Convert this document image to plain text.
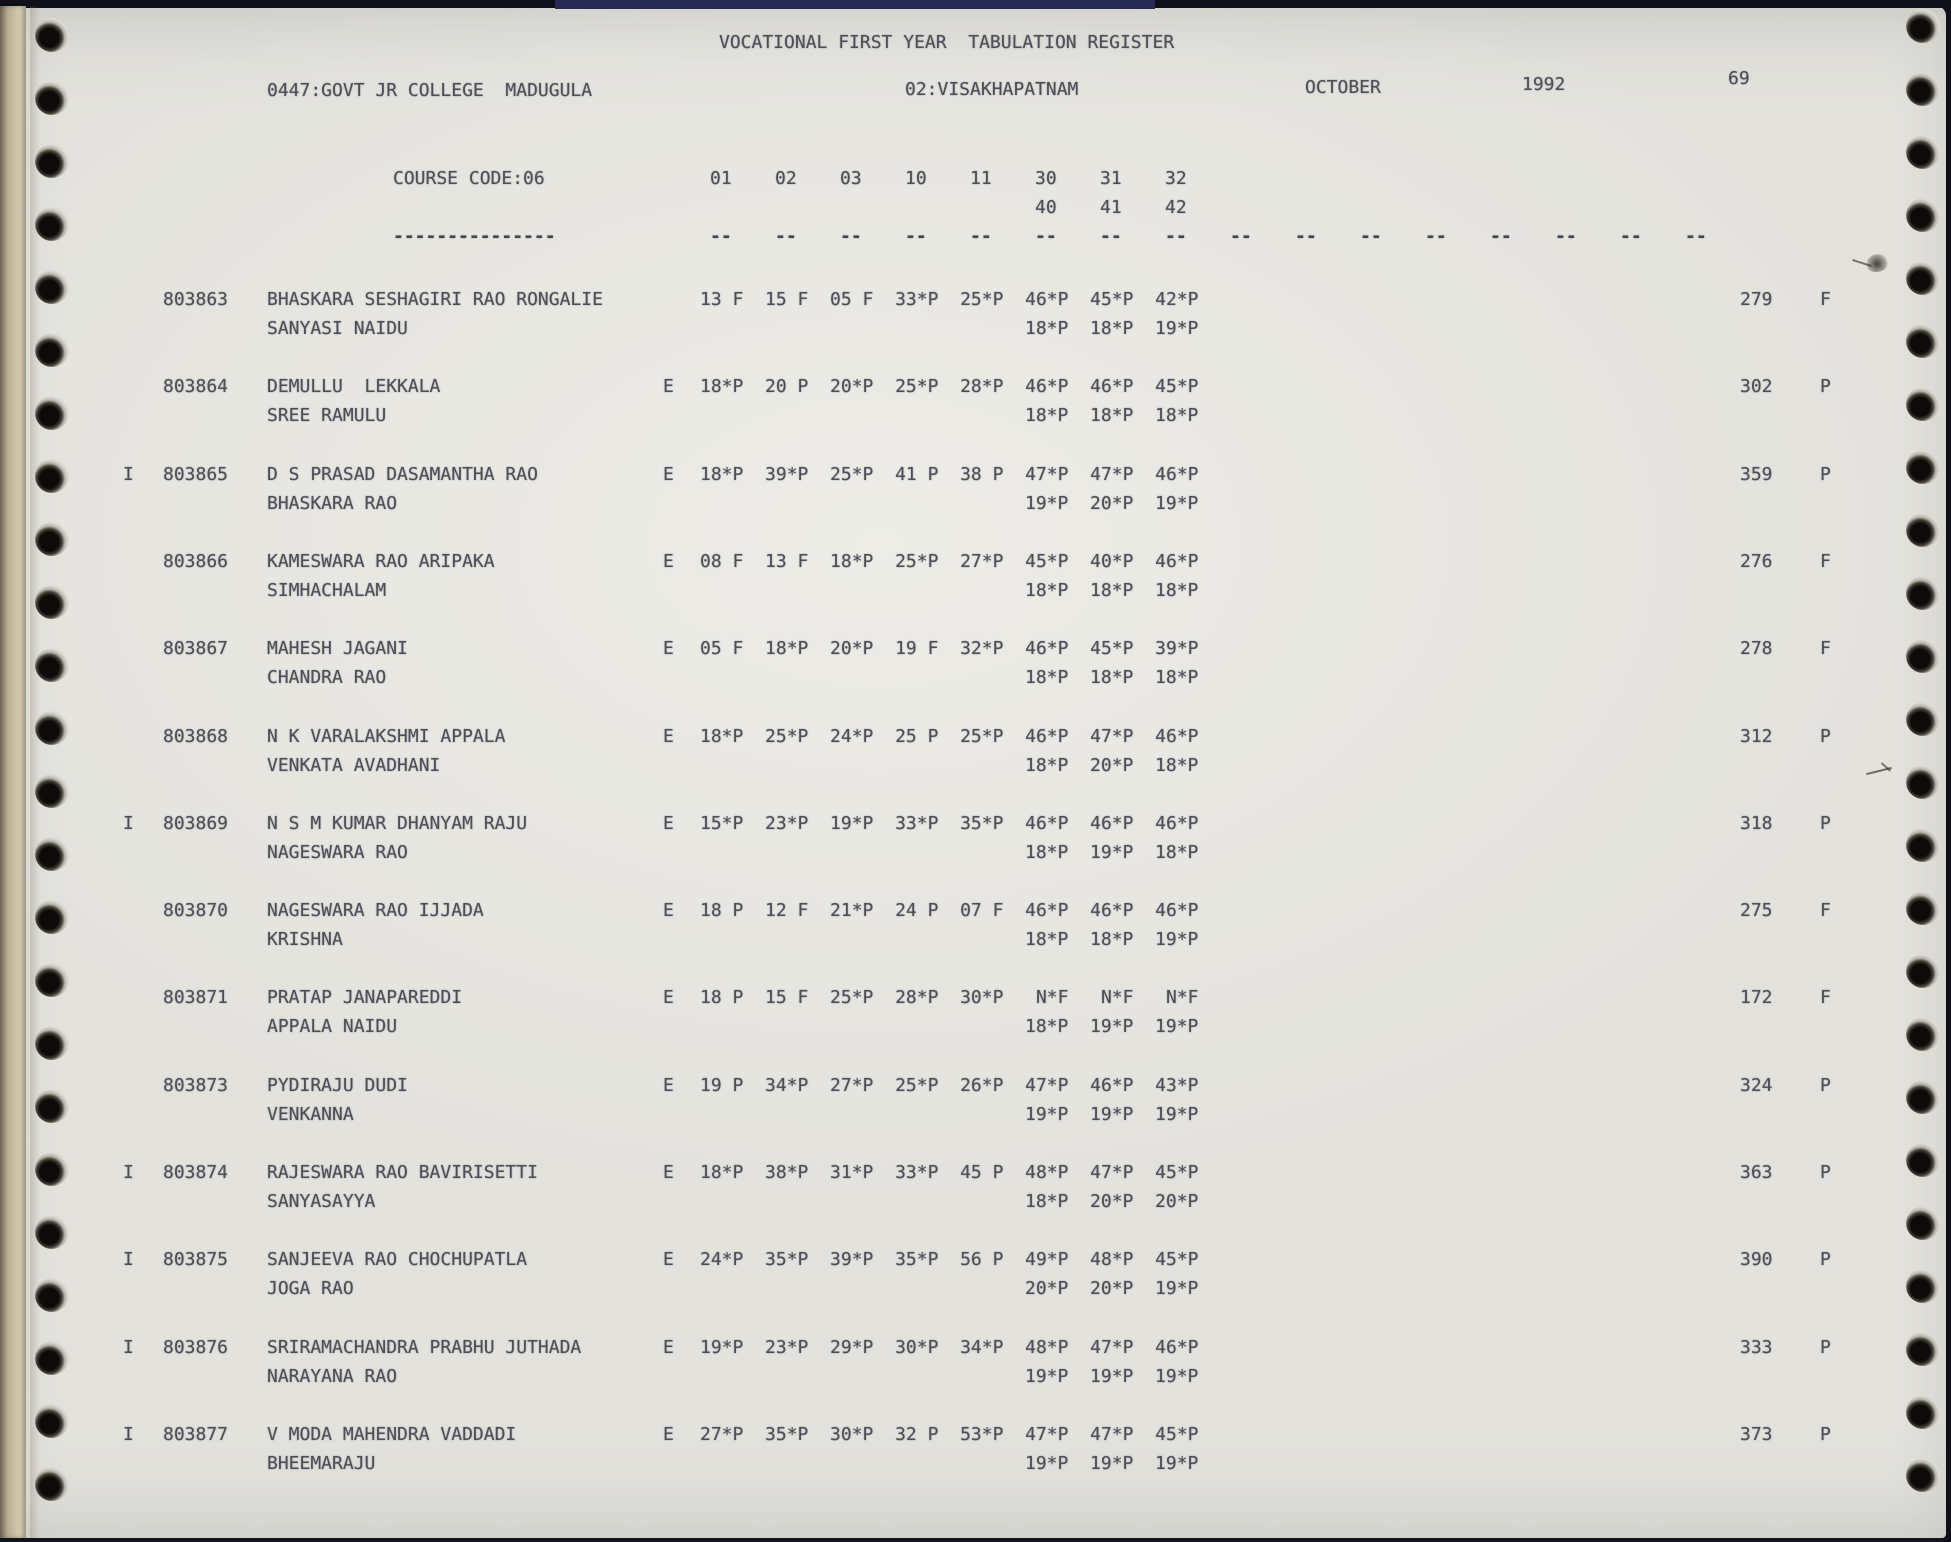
VOCATIONAL FIRST YEAR  TABULATION REGISTER
0447:GOVT JR COLLEGE  MADUGULA	02:VISAKHAPATNAM	OCTOBER	1992	69
COURSE CODE:06
---------------
01 02 03 10 11 30 31 32
40 41 42
-- -- -- -- -- -- -- -- -- -- -- -- -- -- -- --
803863 BHASKARA SESHAGIRI RAO RONGALIE	13 F  15 F  05 F  33*P  25*P  46*P  45*P  42*P	279	F
SANYASI NAIDU	18*P  18*P  19*P
803864 DEMULLU  LEKKALA	E 18*P  20 P  20*P  25*P  28*P  46*P  46*P  45*P	302	P
SREE RAMULU	18*P  18*P  18*P
I 803865 D S PRASAD DASAMANTHA RAO	E 18*P  39*P  25*P  41 P  38 P  47*P  47*P  46*P	359	P
BHASKARA RAO	19*P  20*P  19*P
803866 KAMESWARA RAO ARIPAKA	E 08 F  13 F  18*P  25*P  27*P  45*P  40*P  46*P	276	F
SIMHACHALAM	18*P  18*P  18*P
803867 MAHESH JAGANI	E 05 F  18*P  20*P  19 F  32*P  46*P  45*P  39*P	278	F
CHANDRA RAO	18*P  18*P  18*P
803868 N K VARALAKSHMI APPALA	E 18*P  25*P  24*P  25 P  25*P  46*P  47*P  46*P	312	P
VENKATA AVADHANI	18*P  20*P  18*P
I 803869 N S M KUMAR DHANYAM RAJU	E 15*P  23*P  19*P  33*P  35*P  46*P  46*P  46*P	318	P
NAGESWARA RAO	18*P  19*P  18*P
803870 NAGESWARA RAO IJJADA	E 18 P  12 F  21*P  24 P  07 F  46*P  46*P  46*P	275	F
KRISHNA	18*P  18*P  19*P
803871 PRATAP JANAPAREDDI	E 18 P  15 F  25*P  28*P  30*P   N*F   N*F   N*F	172	F
APPALA NAIDU	18*P  19*P  19*P
803873 PYDIRAJU DUDI	E 19 P  34*P  27*P  25*P  26*P  47*P  46*P  43*P	324	P
VENKANNA	19*P  19*P  19*P
I 803874 RAJESWARA RAO BAVIRISETTI	E 18*P  38*P  31*P  33*P  45 P  48*P  47*P  45*P	363	P
SANYASAYYA	18*P  20*P  20*P
I 803875 SANJEEVA RAO CHOCHUPATLA	E 24*P  35*P  39*P  35*P  56 P  49*P  48*P  45*P	390	P
JOGA RAO	20*P  20*P  19*P
I 803876 SRIRAMACHANDRA PRABHU JUTHADA	E 19*P  23*P  29*P  30*P  34*P  48*P  47*P  46*P	333	P
NARAYANA RAO	19*P  19*P  19*P
I 803877 V MODA MAHENDRA VADDADI	E 27*P  35*P  30*P  32 P  53*P  47*P  47*P  45*P	373	P
BHEEMARAJU	19*P  19*P  19*P
